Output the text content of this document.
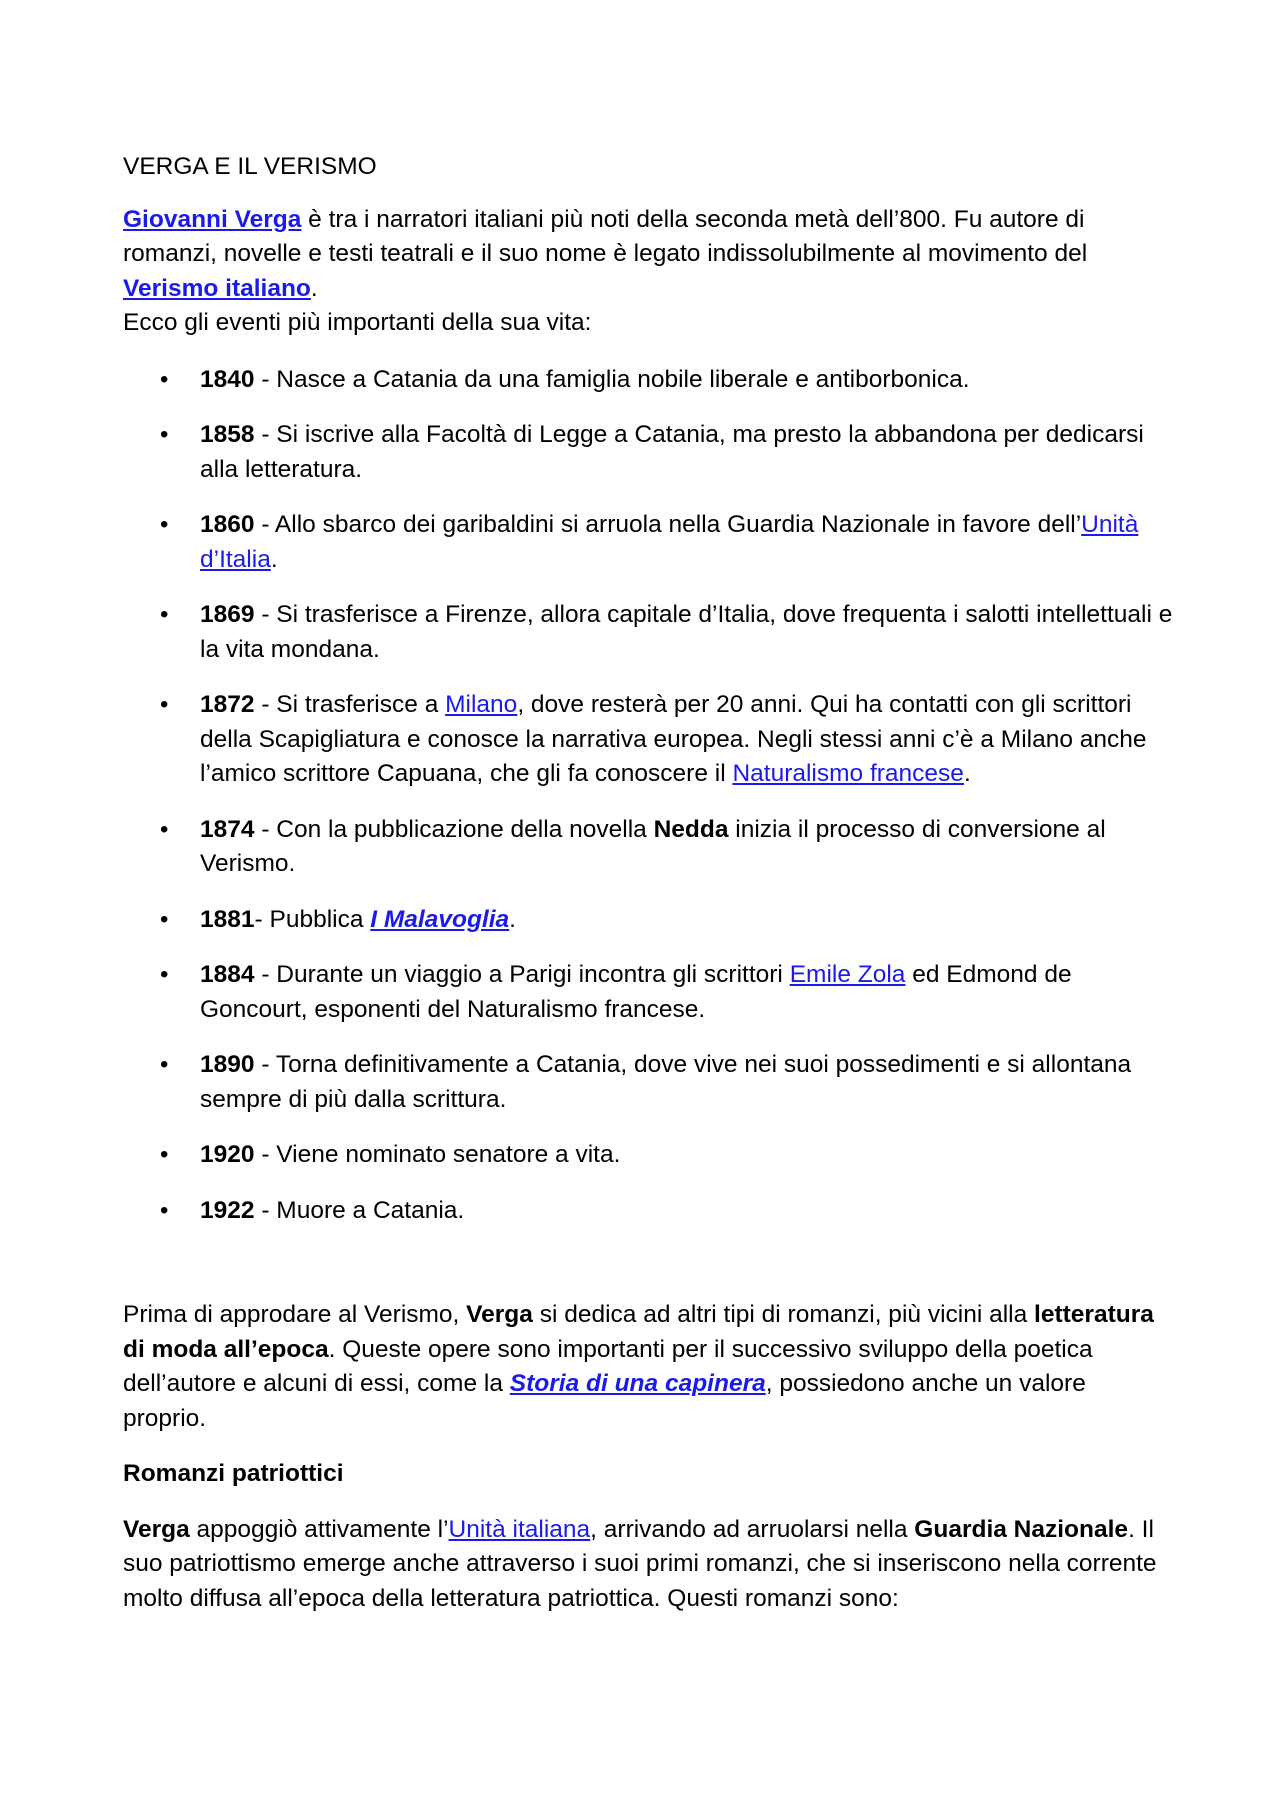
VERGA E IL VERISMO

Giovanni Verga è tra i narratori italiani più noti della seconda metà dell’800. Fu autore di romanzi, novelle e testi teatrali e il suo nome è legato indissolubilmente al movimento del Verismo italiano.
Ecco gli eventi più importanti della sua vita:

• 1840 - Nasce a Catania da una famiglia nobile liberale e antiborbonica.
• 1858 - Si iscrive alla Facoltà di Legge a Catania, ma presto la abbandona per dedicarsi alla letteratura.
• 1860 - Allo sbarco dei garibaldini si arruola nella Guardia Nazionale in favore dell’Unità d’Italia.
• 1869 - Si trasferisce a Firenze, allora capitale d’Italia, dove frequenta i salotti intellettuali e la vita mondana.
• 1872 - Si trasferisce a Milano, dove resterà per 20 anni. Qui ha contatti con gli scrittori della Scapigliatura e conosce la narrativa europea. Negli stessi anni c’è a Milano anche l’amico scrittore Capuana, che gli fa conoscere il Naturalismo francese.
• 1874 - Con la pubblicazione della novella Nedda inizia il processo di conversione al Verismo.
• 1881- Pubblica I Malavoglia.
• 1884 - Durante un viaggio a Parigi incontra gli scrittori Emile Zola ed Edmond de Goncourt, esponenti del Naturalismo francese.
• 1890 - Torna definitivamente a Catania, dove vive nei suoi possedimenti e si allontana sempre di più dalla scrittura.
• 1920 - Viene nominato senatore a vita.
• 1922 - Muore a Catania.

Prima di approdare al Verismo, Verga si dedica ad altri tipi di romanzi, più vicini alla letteratura di moda all’epoca. Queste opere sono importanti per il successivo sviluppo della poetica dell’autore e alcuni di essi, come la Storia di una capinera, possiedono anche un valore proprio.

Romanzi patriottici

Verga appoggiò attivamente l’Unità italiana, arrivando ad arruolarsi nella Guardia Nazionale. Il suo patriottismo emerge anche attraverso i suoi primi romanzi, che si inseriscono nella corrente molto diffusa all’epoca della letteratura patriottica. Questi romanzi sono:
